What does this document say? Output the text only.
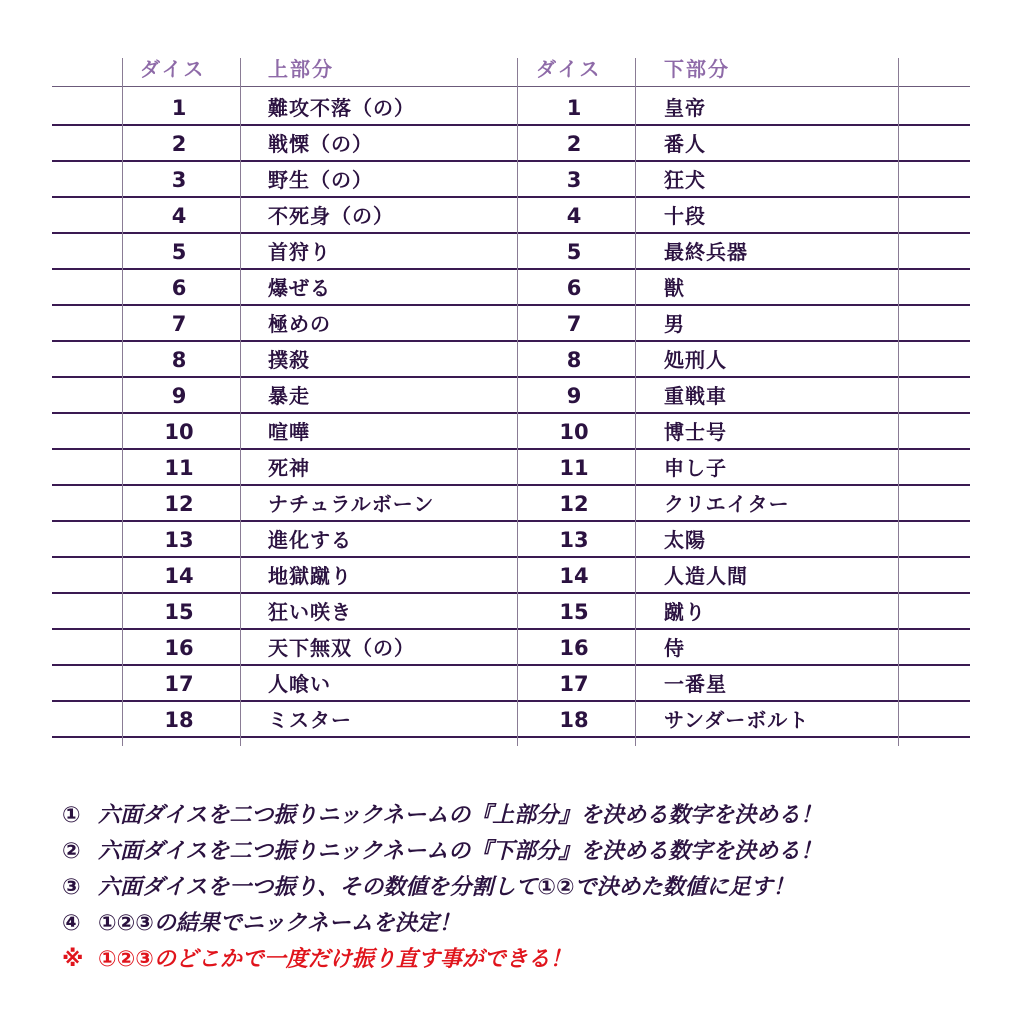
ダイス	上部分	ダイス	下部分
1	難攻不落（の）	1	皇帝
2	戦慄（の）	2	番人
3	野生（の）	3	狂犬
4	不死身（の）	4	十段
5	首狩り	5	最終兵器
6	爆ぜる	6	獣
7	極めの	7	男
8	撲殺	8	処刑人
9	暴走	9	重戦車
10	喧嘩	10	博士号
11	死神	11	申し子
12	ナチュラルボーン	12	クリエイター
13	進化する	13	太陽
14	地獄蹴り	14	人造人間
15	狂い咲き	15	蹴り
16	天下無双（の）	16	侍
17	人喰い	17	一番星
18	ミスター	18	サンダーボルト
① 六面ダイスを二つ振りニックネームの『上部分』を決める数字を決める！
② 六面ダイスを二つ振りニックネームの『下部分』を決める数字を決める！
③ 六面ダイスを一つ振り、その数値を分割して①②で決めた数値に足す！
④ ①②③の結果でニックネームを決定！
※ ①②③のどこかで一度だけ振り直す事ができる！
